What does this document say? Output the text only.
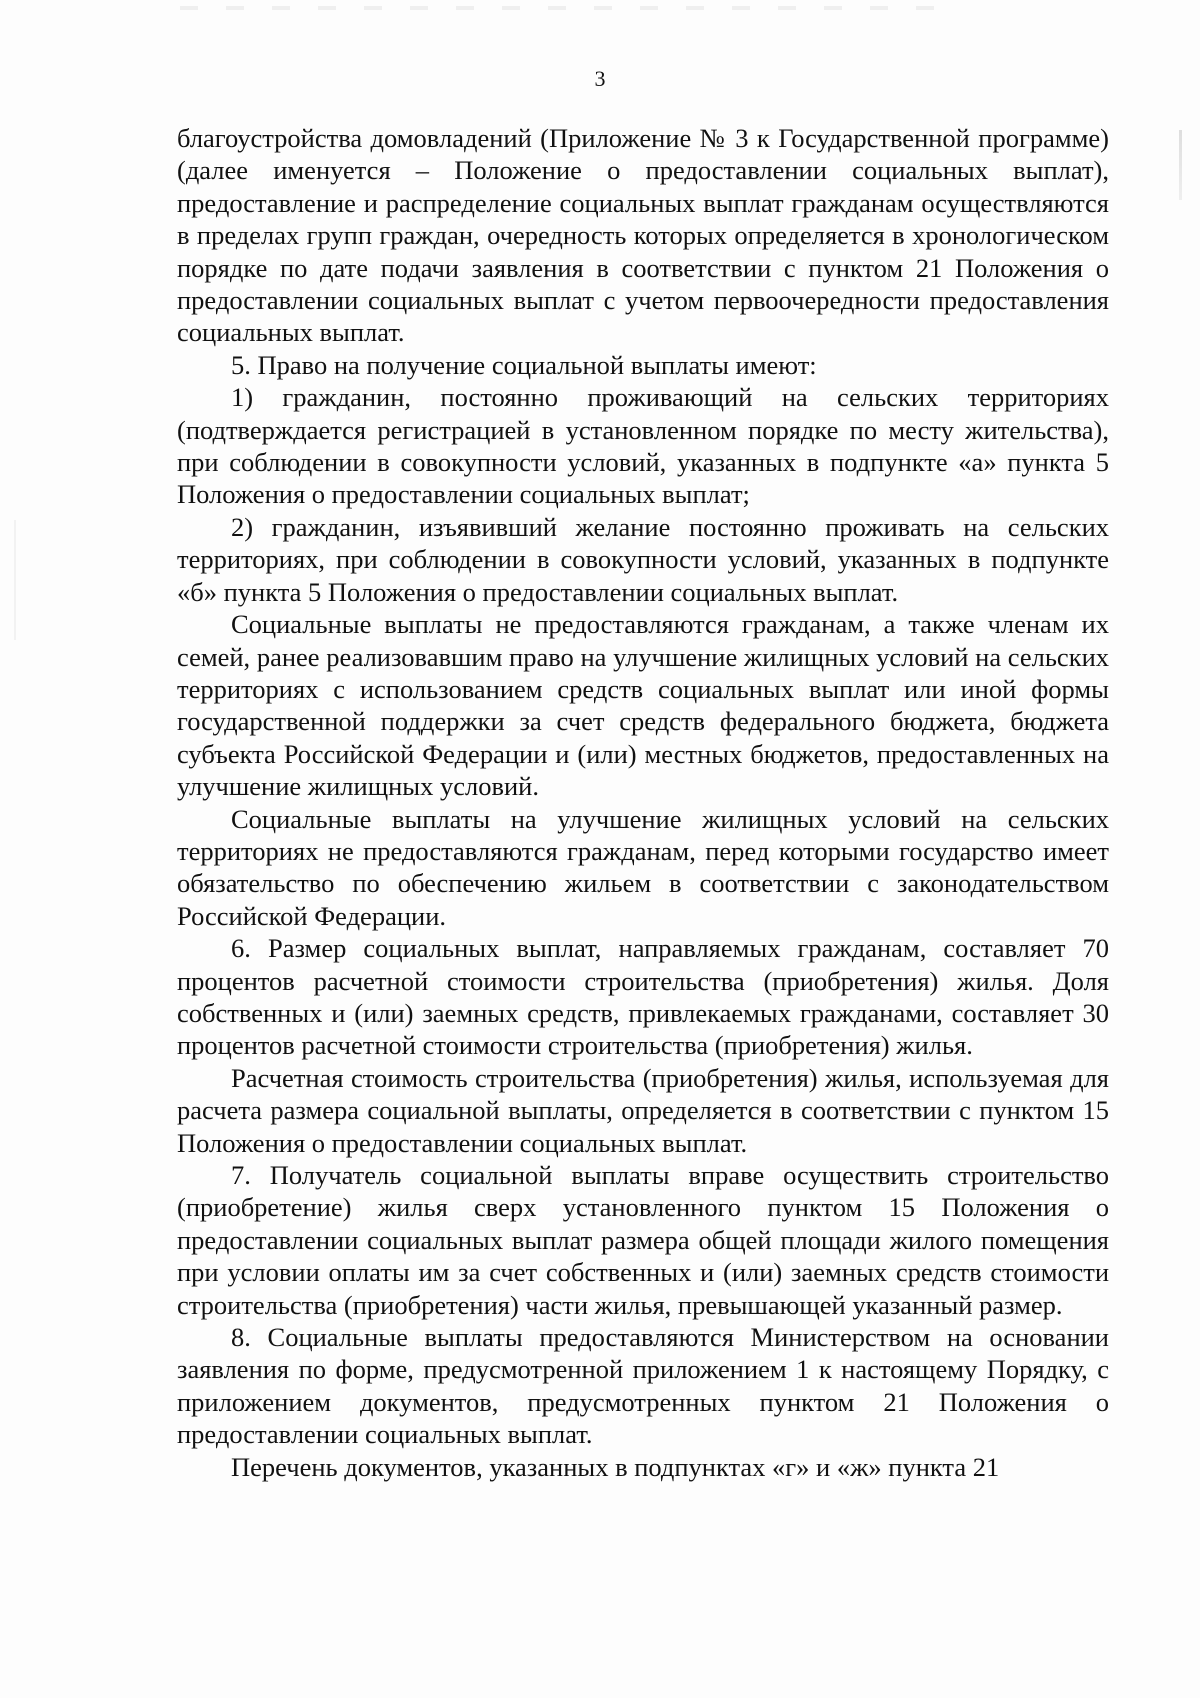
3

благоустройства домовладений (Приложение № 3 к Государственной программе) (далее именуется – Положение о предоставлении социальных выплат), предоставление и распределение социальных выплат гражданам осуществляются в пределах групп граждан, очередность которых определяется в хронологическом порядке по дате подачи заявления в соответствии с пунктом 21 Положения о предоставлении социальных выплат с учетом первоочередности предоставления социальных выплат.

5. Право на получение социальной выплаты имеют:

1) гражданин, постоянно проживающий на сельских территориях (подтверждается регистрацией в установленном порядке по месту жительства), при соблюдении в совокупности условий, указанных в подпункте «а» пункта 5 Положения о предоставлении социальных выплат;

2) гражданин, изъявивший желание постоянно проживать на сельских территориях, при соблюдении в совокупности условий, указанных в подпункте «б» пункта 5 Положения о предоставлении социальных выплат.

Социальные выплаты не предоставляются гражданам, а также членам их семей, ранее реализовавшим право на улучшение жилищных условий на сельских территориях с использованием средств социальных выплат или иной формы государственной поддержки за счет средств федерального бюджета, бюджета субъекта Российской Федерации и (или) местных бюджетов, предоставленных на улучшение жилищных условий.

Социальные выплаты на улучшение жилищных условий на сельских территориях не предоставляются гражданам, перед которыми государство имеет обязательство по обеспечению жильем в соответствии с законодательством Российской Федерации.

6. Размер социальных выплат, направляемых гражданам, составляет 70 процентов расчетной стоимости строительства (приобретения) жилья. Доля собственных и (или) заемных средств, привлекаемых гражданами, составляет 30 процентов расчетной стоимости строительства (приобретения) жилья.

Расчетная стоимость строительства (приобретения) жилья, используемая для расчета размера социальной выплаты, определяется в соответствии с пунктом 15 Положения о предоставлении социальных выплат.

7. Получатель социальной выплаты вправе осуществить строительство (приобретение) жилья сверх установленного пунктом 15 Положения о предоставлении социальных выплат размера общей площади жилого помещения при условии оплаты им за счет собственных и (или) заемных средств стоимости строительства (приобретения) части жилья, превышающей указанный размер.

8. Социальные выплаты предоставляются Министерством на основании заявления по форме, предусмотренной приложением 1 к настоящему Порядку, с приложением документов, предусмотренных пунктом 21 Положения о предоставлении социальных выплат.

Перечень документов, указанных в подпунктах «г» и «ж» пункта 21
